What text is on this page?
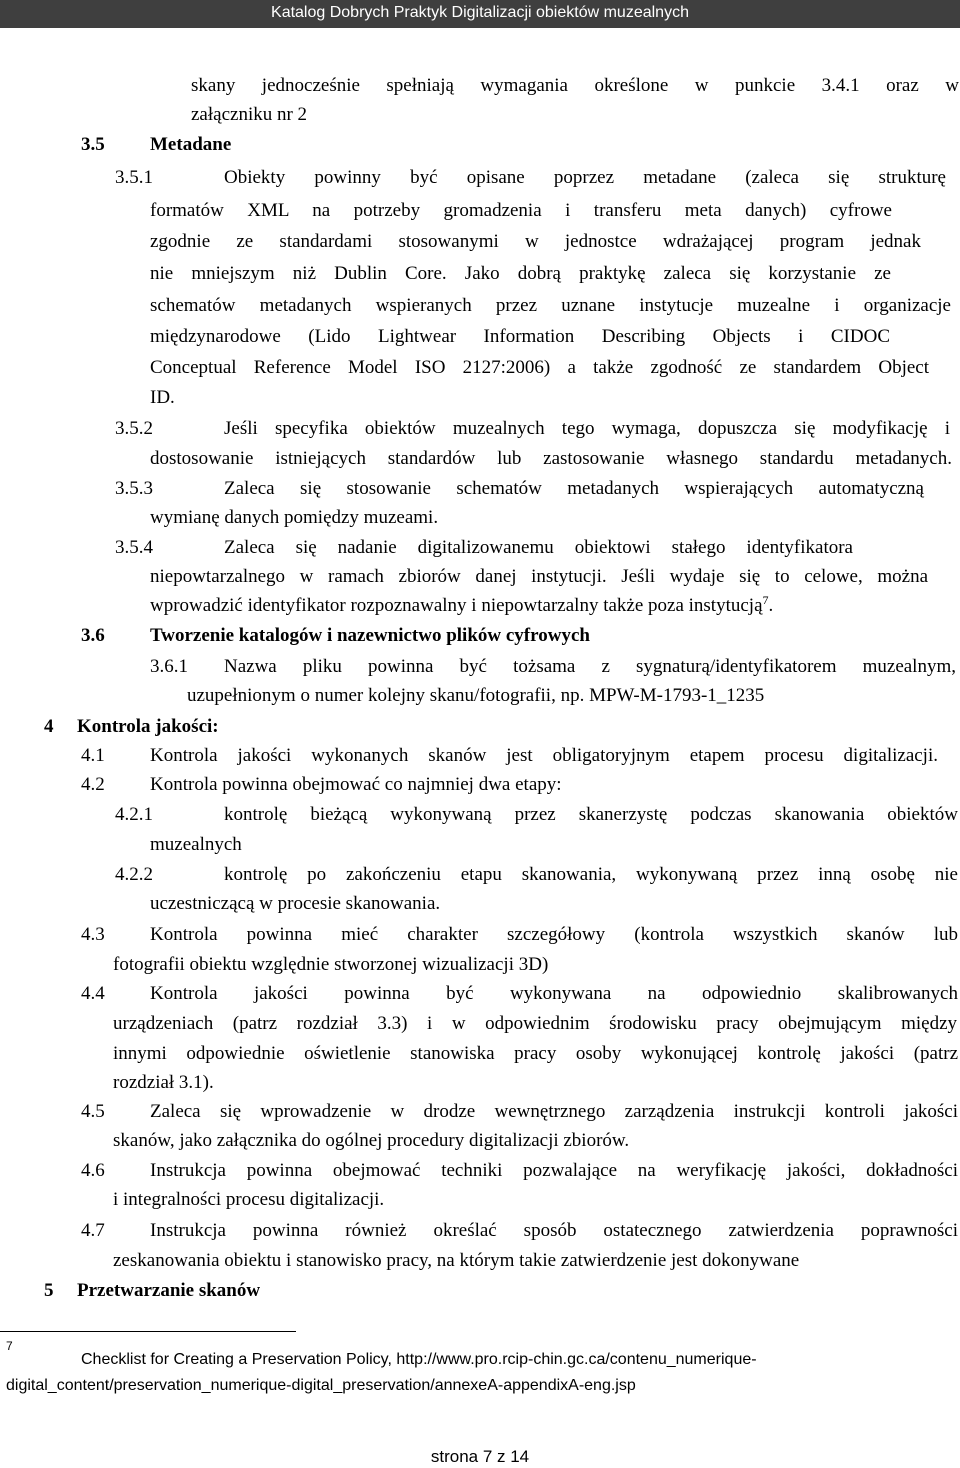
Katalog Dobrych Praktyk Digitalizacji obiektów muzealnych
skany jednocześnie spełniają wymagania określone w punkcie 3.4.1 oraz w
załączniku nr 2
3.5 Metadane
3.5.1	Obiekty powinny być opisane poprzez metadane (zaleca się strukturę
formatów XML na potrzeby gromadzenia i transferu meta danych) cyfrowe
zgodnie ze standardami stosowanymi w jednostce wdrażającej program jednak
nie mniejszym niż Dublin Core. Jako dobrą praktykę zaleca się korzystanie ze
schematów metadanych wspieranych przez uznane instytucje muzealne i organizacje
międzynarodowe (Lido Lightwear Information Describing Objects i CIDOC
Conceptual Reference Model ISO 2127:2006) a także zgodność ze standardem Object
ID.
3.5.2	Jeśli specyfika obiektów muzealnych tego wymaga, dopuszcza się modyfikację i
dostosowanie istniejących standardów lub zastosowanie własnego standardu metadanych.
3.5.3	Zaleca się stosowanie schematów metadanych wspierających automatyczną
wymianę danych pomiędzy muzeami.
3.5.4	Zaleca się nadanie digitalizowanemu obiektowi stałego identyfikatora
niepowtarzalnego w ramach zbiorów danej instytucji. Jeśli wydaje się to celowe, można
wprowadzić identyfikator rozpoznawalny i niepowtarzalny także poza instytucją$^7$.
3.6 Tworzenie katalogów i nazewnictwo plików cyfrowych
3.6.1 Nazwa pliku powinna być tożsama z sygnaturą/identyfikatorem muzealnym,
uzupełnionym o numer kolejny skanu/fotografii, np. MPW-M-1793-1_1235
4 Kontrola jakości:
4.1 Kontrola jakości wykonanych skanów jest obligatoryjnym etapem procesu digitalizacji.
4.2 Kontrola powinna obejmować co najmniej dwa etapy:
4.2.1	kontrolę bieżącą wykonywaną przez skanerzystę podczas skanowania obiektów
muzealnych
4.2.2	kontrolę po zakończeniu etapu skanowania, wykonywaną przez inną osobę nie
uczestniczącą w procesie skanowania.
4.3 Kontrola powinna mieć charakter szczegółowy (kontrola wszystkich skanów lub
fotografii obiektu względnie stworzonej wizualizacji 3D)
4.4 Kontrola jakości powinna być wykonywana na odpowiednio skalibrowanych
urządzeniach (patrz rozdział 3.3) i w odpowiednim środowisku pracy obejmującym między
innymi odpowiednie oświetlenie stanowiska pracy osoby wykonującej kontrolę jakości (patrz
rozdział 3.1).
4.5 Zaleca się wprowadzenie w drodze wewnętrznego zarządzenia instrukcji kontroli jakości
skanów, jako załącznika do ogólnej procedury digitalizacji zbiorów.
4.6 Instrukcja powinna obejmować techniki pozwalające na weryfikację jakości, dokładności
i integralności procesu digitalizacji.
4.7 Instrukcja powinna również określać sposób ostatecznego zatwierdzenia poprawności
zeskanowania obiektu i stanowisko pracy, na którym takie zatwierdzenie jest dokonywane
5 Przetwarzanie skanów
7
Checklist for Creating a Preservation Policy, http://www.pro.rcip-chin.gc.ca/contenu_numerique-
digital_content/preservation_numerique-digital_preservation/annexeA-appendixA-eng.jsp
strona 7 z 14
